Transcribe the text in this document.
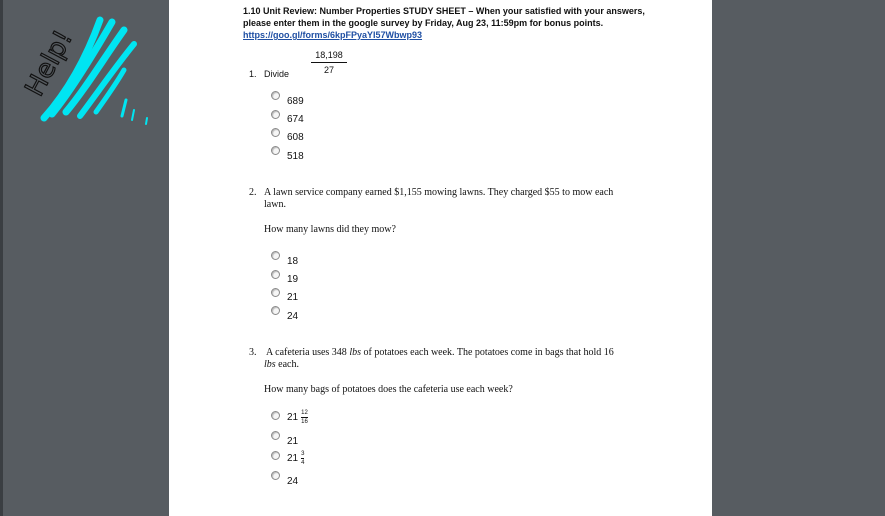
Help!
1.10 Unit Review: Number Properties STUDY SHEET – When your satisfied with your answers,
please enter them in the google survey by Friday, Aug 23, 11:59pm for bonus points.
https://goo.gl/forms/6kpFPyaYI57Wbwp93
1. Divide
18,198
27
689
674
608
518
2. A lawn service company earned $1,155 mowing lawns. They charged $55 to mow each
lawn.
How many lawns did they mow?
18
19
21
24
3. A cafeteria uses 348 lbs of potatoes each week. The potatoes come in bags that hold 16
lbs each.
How many bags of potatoes does the cafeteria use each week?
$21 \frac{12}{16}$
21
$21 \frac{3}{4}$
24
